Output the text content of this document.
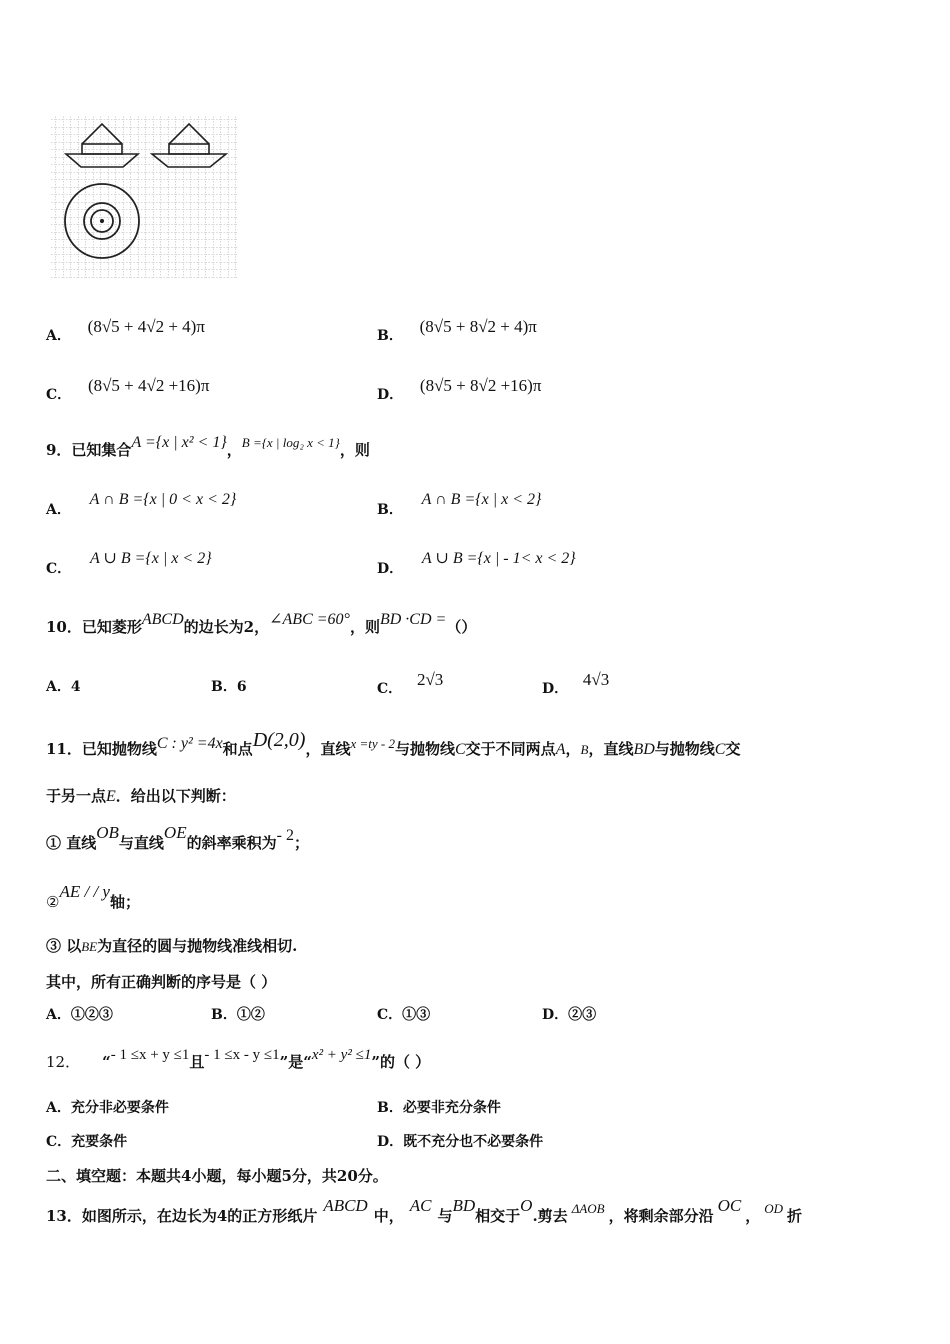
A． (8√5 + 4√2 + 4)π	B． (8√5 + 8√2 + 4)π
C． (8√5 + 4√2 +16)π	D． (8√5 + 8√2 +16)π
9．已知集合A ={x | x² < 1}，B ={x | log₂ x < 1}，则
A． A ∩ B ={x | 0 < x < 2}
B． A ∩ B ={x | x < 2}
C． A ∪ B ={x | x < 2}
D． A ∪ B ={x | - 1< x < 2}
10．已知菱形ABCD的边长为2，∠ABC =60°，则BD ·CD =（）
A．4	B．6	C． 2√3	D． 4√3
11．已知抛物线C : y² =4x和点D(2,0)，直线x =ty - 2与抛物线C交于不同两点A，B，直线BD与抛物线C交
于另一点E．给出以下判断：
① 直线OB与直线OE的斜率乘积为- 2；
②AE / / y轴；
③ 以BE为直径的圆与抛物线准线相切.
其中，所有正确判断的序号是（ ）
A．①②③	B．①②	C．①③	D．②③
12． “- 1 ≤x + y ≤1且- 1 ≤x - y ≤1”是“x² + y² ≤1”的（ ）
A．充分非必要条件	B．必要非充分条件
C．充要条件	D．既不充分也不必要条件
二、填空题：本题共4小题，每小题5分，共20分。
13．如图所示，在边长为4的正方形纸片ABCD中，AC与BD相交于O.剪去 ΔAOB ，将剩余部分沿OC， OD 折
